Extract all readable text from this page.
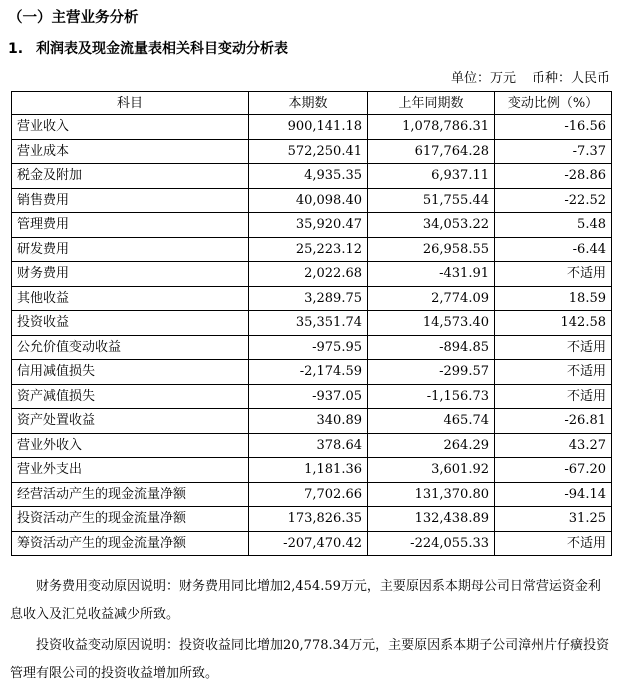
（一）主营业务分析
1. 利润表及现金流量表相关科目变动分析表
单位：万元 币种：人民币
科目	本期数	上年同期数	变动比例（%）
营业收入	900,141.18	1,078,786.31	-16.56
营业成本	572,250.41	617,764.28	-7.37
税金及附加	4,935.35	6,937.11	-28.86
销售费用	40,098.40	51,755.44	-22.52
管理费用	35,920.47	34,053.22	5.48
研发费用	25,223.12	26,958.55	-6.44
财务费用	2,022.68	-431.91	不适用
其他收益	3,289.75	2,774.09	18.59
投资收益	35,351.74	14,573.40	142.58
公允价值变动收益	-975.95	-894.85	不适用
信用减值损失	-2,174.59	-299.57	不适用
资产减值损失	-937.05	-1,156.73	不适用
资产处置收益	340.89	465.74	-26.81
营业外收入	378.64	264.29	43.27
营业外支出	1,181.36	3,601.92	-67.20
经营活动产生的现金流量净额	7,702.66	131,370.80	-94.14
投资活动产生的现金流量净额	173,826.35	132,438.89	31.25
筹资活动产生的现金流量净额	-207,470.42	-224,055.33	不适用
财务费用变动原因说明：财务费用同比增加2,454.59万元，主要原因系本期母公司日常营运资金利息收入及汇兑收益减少所致。
投资收益变动原因说明：投资收益同比增加20,778.34万元，主要原因系本期子公司漳州片仔癀投资管理有限公司的投资收益增加所致。
